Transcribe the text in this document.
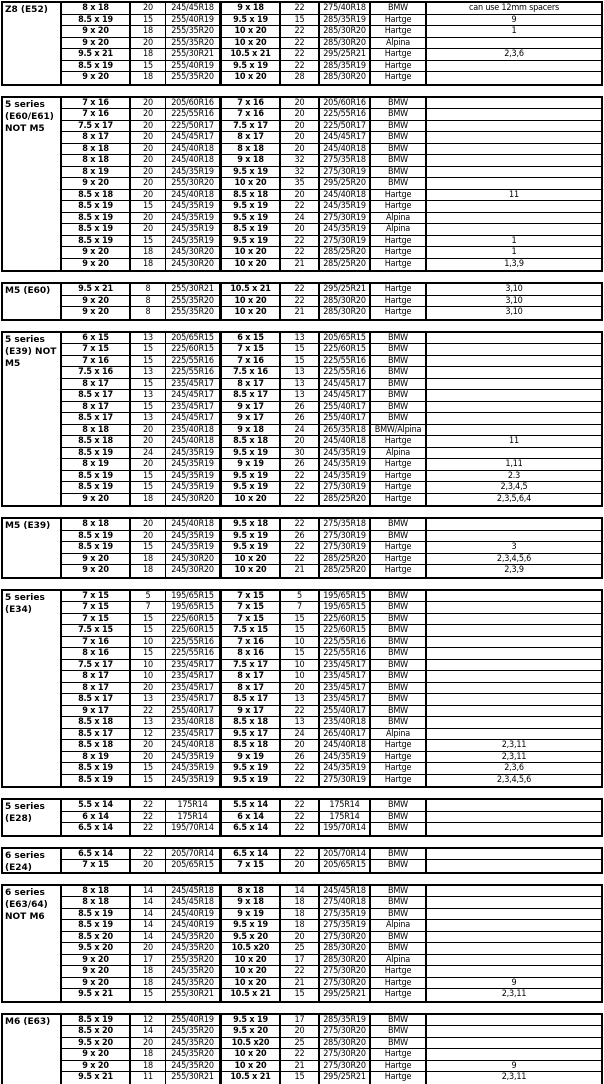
Z8 (E52)	8 x 18	20	245/45R18	9 x 18	22	275/40R18	BMW	can use 12mm spacers
8.5 x 19	15	255/40R19	9.5 x 19	15	285/35R19	Hartge	9
9 x 20	18	255/35R20	10 x 20	22	285/30R20	Hartge	1
9 x 20	20	255/35R20	10 x 20	22	285/30R20	Alpina
9.5 x 21	18	255/30R21	10.5 x 21	22	295/25R21	Hartge	2,3,6
8.5 x 19	15	255/40R19	9.5 x 19	22	285/35R19	Hartge
9 x 20	18	255/35R20	10 x 20	28	285/30R20	Hartge
5 series (E60/E61) NOT M5
7 x 16	20	205/60R16	7 x 16	20	205/60R16	BMW
7 x 16	20	225/55R16	7 x 16	20	225/55R16	BMW
7.5 x 17	20	225/50R17	7.5 x 17	20	225/50R17	BMW
8 x 17	20	245/45R17	8 x 17	20	245/45R17	BMW
8 x 18	20	245/40R18	8 x 18	20	245/40R18	BMW
8 x 18	20	245/40R18	9 x 18	32	275/35R18	BMW
8 x 19	20	245/35R19	9.5 x 19	32	275/30R19	BMW
9 x 20	20	255/30R20	10 x 20	35	295/25R20	BMW
8.5 x 18	20	245/40R18	8.5 x 18	20	245/40R18	Hartge	11
8.5 x 19	15	245/35R19	9.5 x 19	22	245/35R19	Hartge
8.5 x 19	20	245/35R19	9.5 x 19	24	275/30R19	Alpina
8.5 x 19	20	245/35R19	8.5 x 19	20	245/35R19	Alpina
8.5 x 19	15	245/35R19	9.5 x 19	22	275/30R19	Hartge	1
9 x 20	18	245/30R20	10 x 20	22	285/25R20	Hartge	1
9 x 20	18	245/30R20	10 x 20	21	285/25R20	Hartge	1,3,9
M5 (E60)	9.5 x 21	8	255/30R21	10.5 x 21	22	295/25R21	Hartge	3,10
9 x 20	8	255/35R20	10 x 20	22	285/30R20	Hartge	3,10
9 x 20	8	255/35R20	10 x 20	21	285/30R20	Hartge	3,10
5 series (E39) NOT M5
6 x 15	13	205/65R15	6 x 15	13	205/65R15	BMW
7 x 15	15	225/60R15	7 x 15	15	225/60R15	BMW
7 x 16	15	225/55R16	7 x 16	15	225/55R16	BMW
7.5 x 16	13	225/55R16	7.5 x 16	13	225/55R16	BMW
8 x 17	15	235/45R17	8 x 17	13	245/45R17	BMW
8.5 x 17	13	245/45R17	8.5 x 17	13	245/45R17	BMW
8 x 17	15	235/45R17	9 x 17	26	255/40R17	BMW
8.5 x 17	13	245/45R17	9 x 17	26	255/40R17	BMW
8 x 18	20	235/40R18	9 x 18	24	265/35R18 BMW/Alpina
8.5 x 18	20	245/40R18	8.5 x 18	20	245/40R18	Hartge	11
8.5 x 19	24	245/35R19	9.5 x 19	30	245/35R19	Alpina
8 x 19	20	245/35R19	9 x 19	26	245/35R19	Hartge	1,11
8.5 x 19	15	245/35R19	9.5 x 19	22	245/35R19	Hartge	2.3
8.5 x 19	15	245/35R19	9.5 x 19	22	275/30R19	Hartge	2,3,4,5
9 x 20	18	245/30R20	10 x 20	22	285/25R20	Hartge	2,3,5,6,4
M5 (E39)	8 x 18	20	245/40R18	9.5 x 18	22	275/35R18	BMW
8.5 x 19	20	245/35R19	9.5 x 19	26	275/30R19	BMW
8.5 x 19	15	245/35R19	9.5 x 19	22	275/30R19	Hartge	3
9 x 20	18	245/30R20	10 x 20	22	285/25R20	Hartge	2,3,4,5,6
9 x 20	18	245/30R20	10 x 20	21	285/25R20	Hartge	2,3,9
5 series (E34)
7 x 15	5	195/65R15	7 x 15	5	195/65R15	BMW
7 x 15	7	195/65R15	7 x 15	7	195/65R15	BMW
7 x 15	15	225/60R15	7 x 15	15	225/60R15	BMW
7.5 x 15	15	225/60R15	7.5 x 15	15	225/60R15	BMW
7 x 16	10	225/55R16	7 x 16	10	225/55R16	BMW
8 x 16	15	225/55R16	8 x 16	15	225/55R16	BMW
7.5 x 17	10	235/45R17	7.5 x 17	10	235/45R17	BMW
8 x 17	10	235/45R17	8 x 17	10	235/45R17	BMW
8 x 17	20	235/45R17	8 x 17	20	235/45R17	BMW
8.5 x 17	13	235/45R17	8.5 x 17	13	235/45R17	BMW
9 x 17	22	255/40R17	9 x 17	22	255/40R17	BMW
8.5 x 18	13	235/40R18	8.5 x 18	13	235/40R18	BMW
8.5 x 17	12	235/45R17	9.5 x 17	24	265/40R17	Alpina
8.5 x 18	20	245/40R18	8.5 x 18	20	245/40R18	Hartge	2,3,11
8 x 19	20	245/35R19	9 x 19	26	245/35R19	Hartge	2,3,11
8.5 x 19	15	245/35R19	9.5 x 19	22	245/35R19	Hartge	2,3,6
8.5 x 19	15	245/35R19	9.5 x 19	22	275/30R19	Hartge	2,3,4,5,6
5 series (E28)
5.5 x 14	22	175R14	5.5 x 14	22	175R14	BMW
6 x 14	22	175R14	6 x 14	22	175R14	BMW
6.5 x 14	22	195/70R14	6.5 x 14	22	195/70R14	BMW
6 series (E24)
6.5 x 14	22	205/70R14	6.5 x 14	22	205/70R14	BMW
7 x 15	20	205/65R15	7 x 15	20	205/65R15	BMW
6 series (E63/64) NOT M6
8 x 18	14	245/45R18	8 x 18	14	245/45R18	BMW
8 x 18	14	245/45R18	9 x 18	18	275/40R18	BMW
8.5 x 19	14	245/40R19	9 x 19	18	275/35R19	BMW
8.5 x 19	14	245/40R19	9.5 x 19	18	275/35R19	Alpina
8.5 x 20	14	245/35R20	9.5 x 20	20	275/30R20	BMW
9.5 x 20	20	245/35R20	10.5 x20	25	285/30R20	BMW
9 x 20	17	255/35R20	10 x 20	17	285/30R20	Alpina
9 x 20	18	245/35R20	10 x 20	22	275/30R20	Hartge
9 x 20	18	245/35R20	10 x 20	21	275/30R20	Hartge	9
9.5 x 21	15	255/30R21	10.5 x 21	15	295/25R21	Hartge	2,3,11
M6 (E63)	8.5 x 19	12	255/40R19	9.5 x 19	17	285/35R19	BMW
8.5 x 20	14	245/35R20	9.5 x 20	20	275/30R20	BMW
9.5 x 20	20	245/35R20	10.5 x20	25	285/30R20	BMW
9 x 20	18	245/35R20	10 x 20	22	275/30R20	Hartge
9 x 20	18	245/35R20	10 x 20	21	275/30R20	Hartge	9
9.5 x 21	11	255/30R21	10.5 x 21	15	295/25R21	Hartge	2,3,11
